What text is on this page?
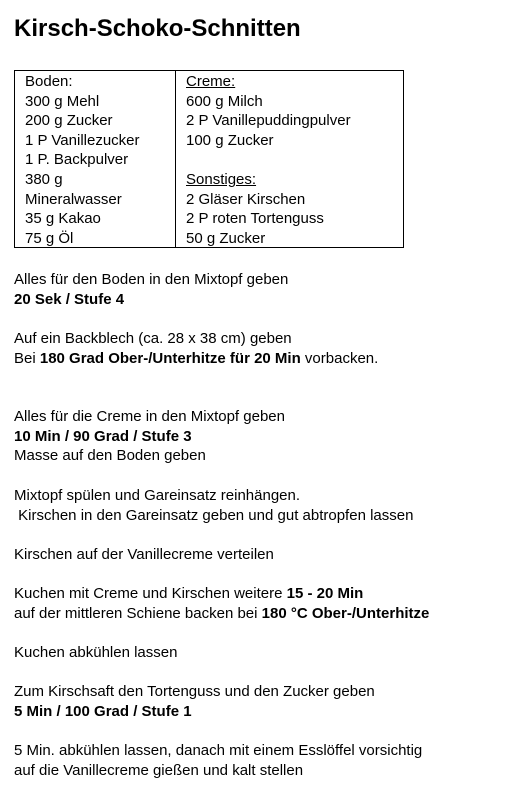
Kirsch-Schoko-Schnitten
Boden:
300 g Mehl
200 g Zucker
1 P Vanillezucker
1 P. Backpulver
380 g
Mineralwasser
35 g Kakao
75 g Öl
Creme:
600 g Milch
2 P Vanillepuddingpulver
100 g Zucker
Sonstiges:
2 Gläser Kirschen
2 P roten Tortenguss
50 g Zucker
Alles für den Boden in den Mixtopf geben
20 Sek / Stufe 4
Auf ein Backblech (ca. 28 x 38 cm) geben
Bei 180 Grad Ober-/Unterhitze für 20 Min vorbacken.
Alles für die Creme in den Mixtopf geben
10 Min / 90 Grad / Stufe 3
Masse auf den Boden geben
Mixtopf spülen und Gareinsatz reinhängen.
Kirschen in den Gareinsatz geben und gut abtropfen lassen
Kirschen auf der Vanillecreme verteilen
Kuchen mit Creme und Kirschen weitere 15 - 20 Min
auf der mittleren Schiene backen bei 180 °C Ober-/Unterhitze
Kuchen abkühlen lassen
Zum Kirschsaft den Tortenguss und den Zucker geben
5 Min / 100 Grad / Stufe 1
5 Min. abkühlen lassen, danach mit einem Esslöffel vorsichtig
auf die Vanillecreme gießen und kalt stellen
